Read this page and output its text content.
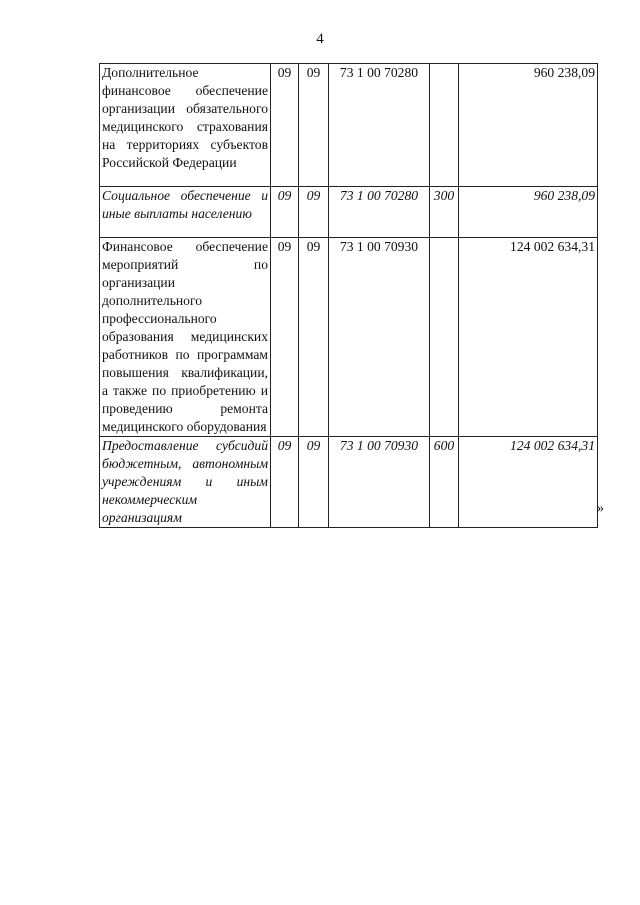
4
Дополнительное финансовое обеспечение организации обязательного медицинского страхования на территориях субъектов Российской Федерации	09	09	73 1 00 70280		960 238,09
Социальное обеспечение и иные выплаты населению	09	09	73 1 00 70280	300	960 238,09
Финансовое обеспечение мероприятий по организации дополнительного профессионального образования медицинских работников по программам повышения квалификации, а также по приобретению и проведению ремонта медицинского оборудования	09	09	73 1 00 70930		124 002 634,31
Предоставление субсидий бюджетным, автономным учреждениям и иным некоммерческим организациям	09	09	73 1 00 70930	600	124 002 634,31
»
